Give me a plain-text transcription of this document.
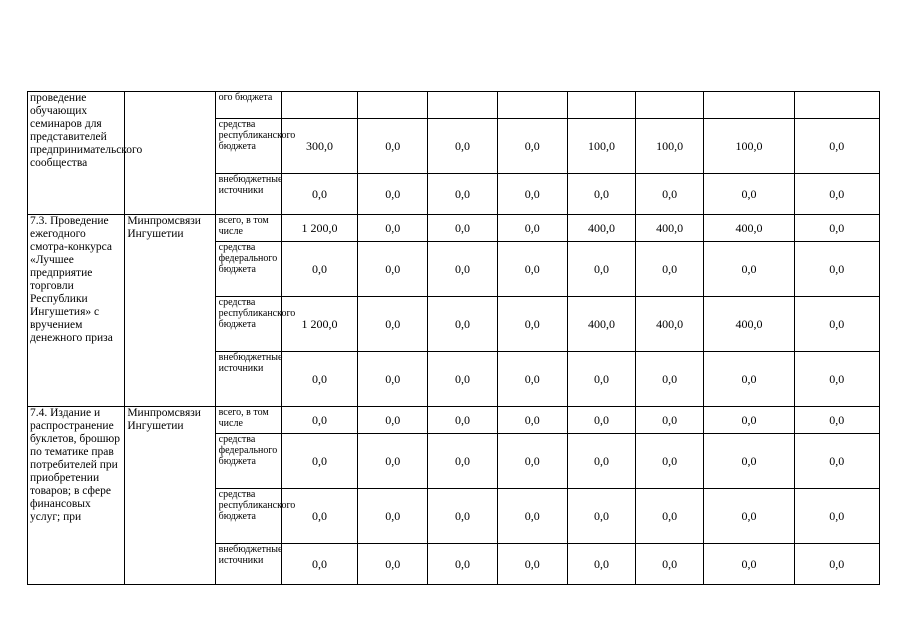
проведение обучающих семинаров для представителей предпринимательского сообщества		ого бюджета								
		средства республиканского бюджета	300,0	0,0	0,0	0,0	100,0	100,0	100,0	0,0
		внебюджетные источники	0,0	0,0	0,0	0,0	0,0	0,0	0,0	0,0
7.3. Проведение ежегодного смотра-конкурса «Лучшее предприятие торговли Республики Ингушетия» с вручением денежного приза	Минпромсвязи Ингушетии	всего, в том числе	1 200,0	0,0	0,0	0,0	400,0	400,0	400,0	0,0
		средства федерального бюджета	0,0	0,0	0,0	0,0	0,0	0,0	0,0	0,0
		средства республиканского бюджета	1 200,0	0,0	0,0	0,0	400,0	400,0	400,0	0,0
		внебюджетные источники	0,0	0,0	0,0	0,0	0,0	0,0	0,0	0,0
7.4. Издание и распространение буклетов, брошюр по тематике прав потребителей при приобретении товаров; в сфере финансовых услуг; при	Минпромсвязи Ингушетии	всего, в том числе	0,0	0,0	0,0	0,0	0,0	0,0	0,0	0,0
		средства федерального бюджета	0,0	0,0	0,0	0,0	0,0	0,0	0,0	0,0
		средства республиканского бюджета	0,0	0,0	0,0	0,0	0,0	0,0	0,0	0,0
		внебюджетные источники	0,0	0,0	0,0	0,0	0,0	0,0	0,0	0,0
